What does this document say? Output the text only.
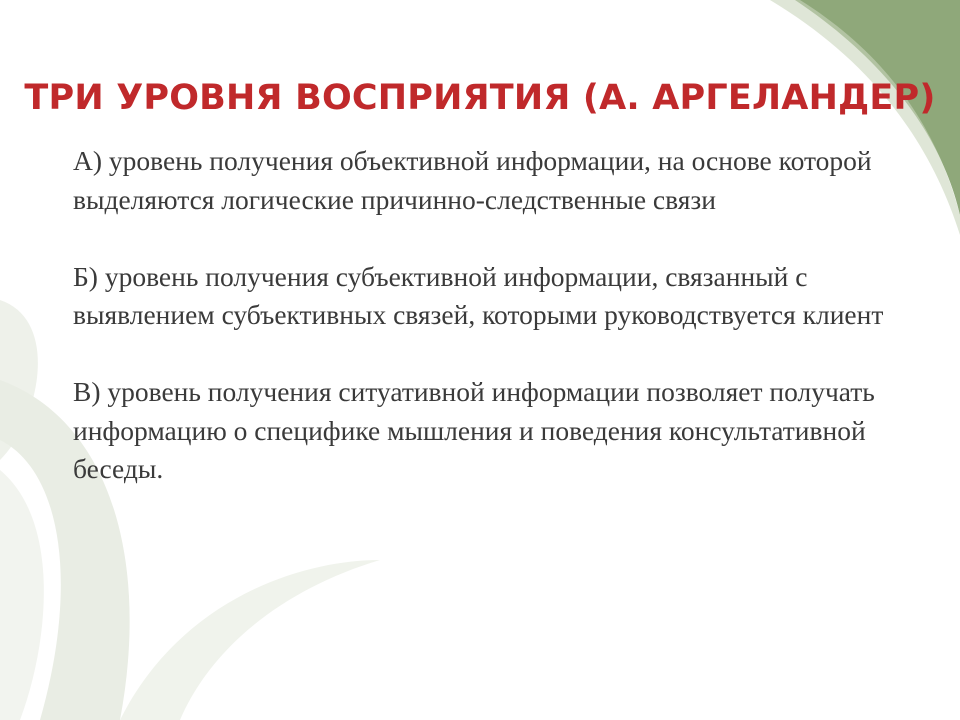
ТРИ УРОВНЯ ВОСПРИЯТИЯ (А. АРГЕЛАНДЕР)

А) уровень получения объективной информации, на основе которой выделяются логические причинно-следственные связи

Б) уровень получения субъективной информации, связанный с выявлением субъективных связей, которыми руководствуется клиент

В) уровень получения ситуативной информации позволяет получать информацию о специфике мышления и поведения консультативной беседы.
